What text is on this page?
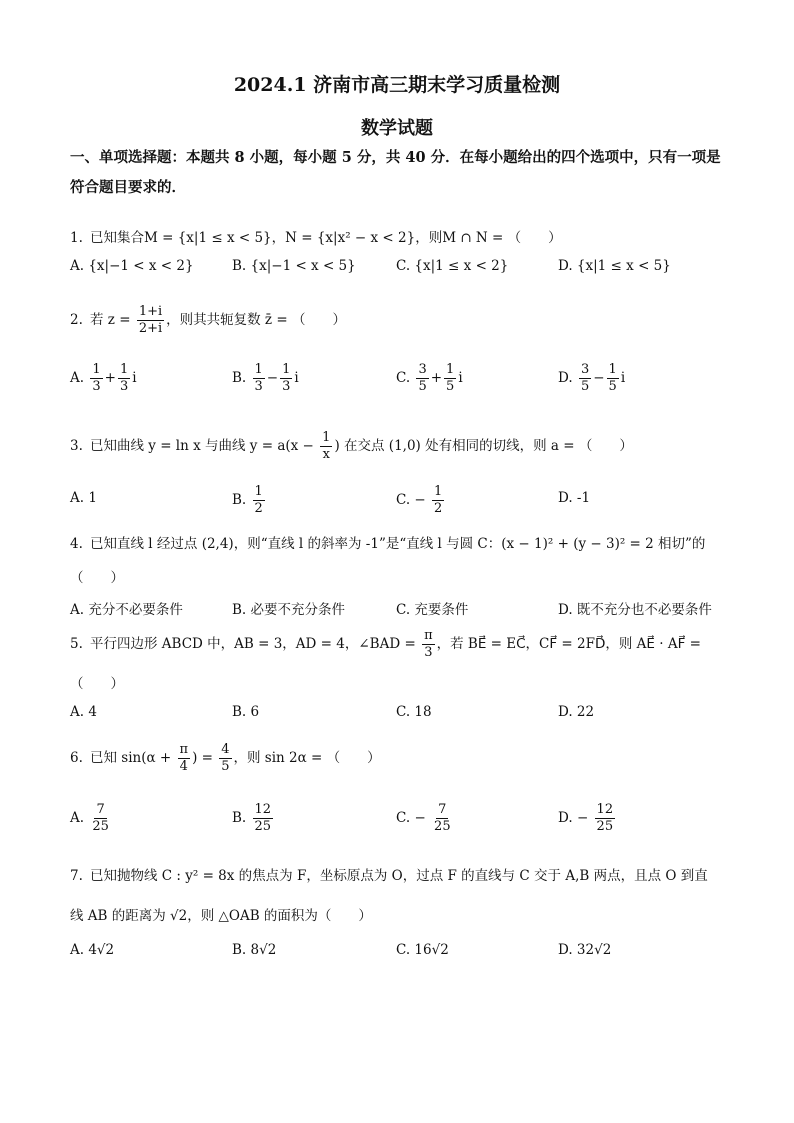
2024.1 济南市高三期末学习质量检测
数学试题
一、单项选择题：本题共 8 小题，每小题 5 分，共 40 分．在每小题给出的四个选项中，只有一项是符合题目要求的．
1. 已知集合M = {x|1 ≤ x < 5}，N = {x|x² − x < 2}，则M ∩ N = （　　）
A. {x|−1 < x < 2}	B. {x|−1 < x < 5}	C. {x|1 ≤ x < 2}	D. {x|1 ≤ x < 5}
2. 若 $z = \frac{1+i}{2+i}$ ，则其共轭复数 z̄ = （　　）
A. $\frac{1}{3} + \frac{1}{3}$ i	B. $\frac{1}{3} - \frac{1}{3}$ i	C. $\frac{3}{5} + \frac{1}{5}$ i	D. $\frac{3}{5} - \frac{1}{5}$ i
3. 已知曲线 y = ln x 与曲线 $y = a(x - \frac{1}{x}$ ) 在交点 (1,0) 处有相同的切线，则 a = （　　）
A. 1	B. $\frac{1}{2}$	C. − $\frac{1}{2}$	D. -1
4. 已知直线 l 经过点 (2,4)，则“直线 l 的斜率为 -1”是“直线 l 与圆 C：(x − 1)² + (y − 3)² = 2 相切”的
（　　）
A. 充分不必要条件	B. 必要不充分条件	C. 充要条件	D. 既不充分也不必要条件
5. 平行四边形 ABCD 中，AB = 3，AD = 4，∠BAD = $\frac{\pi}{3}$ ，若 BE⃗ = EC⃗，CF⃗ = 2FD⃗，则 AE⃗ · AF⃗ =
（　　）
A. 4	B. 6	C. 18	D. 22
6. 已知 $\sin(\alpha + \frac{\pi}{4}$ ) = $\frac{4}{5}$ ，则 sin 2α = （　　）
A. $\frac{7}{25}$	B. $\frac{12}{25}$	C. − $\frac{7}{25}$	D. − $\frac{12}{25}$
7. 已知抛物线 C : y² = 8x 的焦点为 F，坐标原点为 O，过点 F 的直线与 C 交于 A,B 两点，且点 O 到直
线 AB 的距离为 √2，则 △OAB 的面积为（　　）
A. 4√2	B. 8√2	C. 16√2	D. 32√2
